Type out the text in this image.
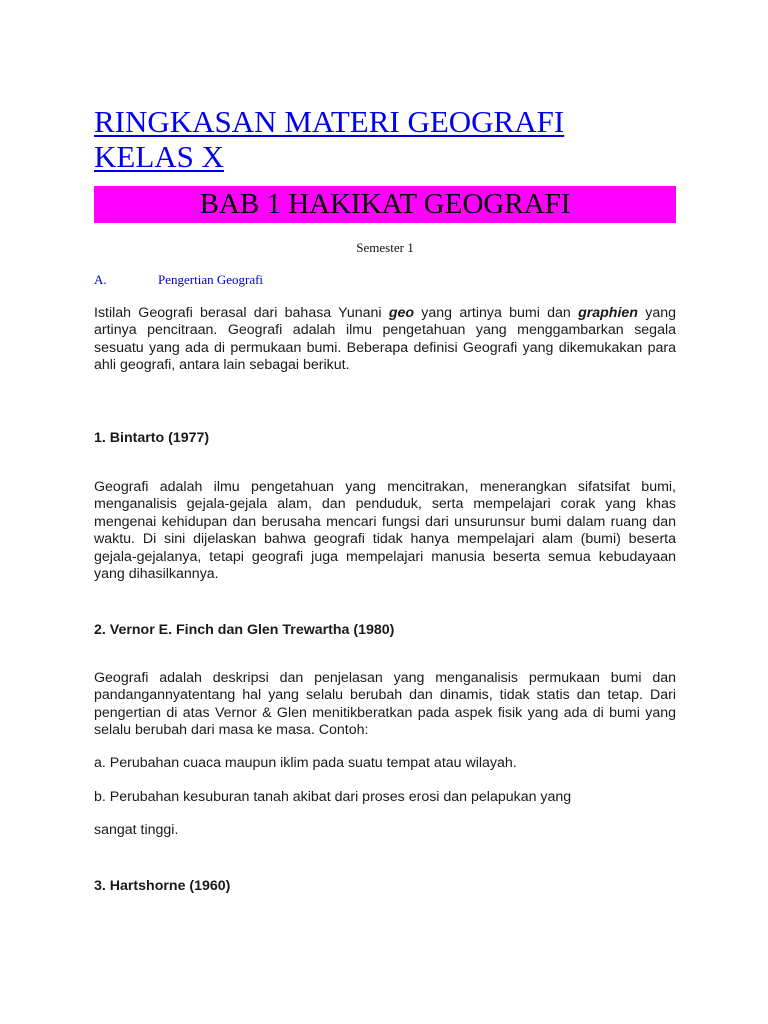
RINGKASAN MATERI GEOGRAFI
KELAS X
BAB 1 HAKIKAT GEOGRAFI
Semester 1
A.	Pengertian Geografi

Istilah Geografi berasal dari bahasa Yunani geo yang artinya bumi dan graphien yang artinya pencitraan. Geografi adalah ilmu pengetahuan yang menggambarkan segala sesuatu yang ada di permukaan bumi. Beberapa definisi Geografi yang dikemukakan para ahli geografi, antara lain sebagai berikut.

1. Bintarto (1977)

Geografi adalah ilmu pengetahuan yang mencitrakan, menerangkan sifatsifat bumi, menganalisis gejala-gejala alam, dan penduduk, serta mempelajari corak yang khas mengenai kehidupan dan berusaha mencari fungsi dari unsurunsur bumi dalam ruang dan waktu. Di sini dijelaskan bahwa geografi tidak hanya mempelajari alam (bumi) beserta gejala-gejalanya, tetapi geografi juga mempelajari manusia beserta semua kebudayaan yang dihasilkannya.

2. Vernor E. Finch dan Glen Trewartha (1980)

Geografi adalah deskripsi dan penjelasan yang menganalisis permukaan bumi dan pandangannyatentang hal yang selalu berubah dan dinamis, tidak statis dan tetap. Dari pengertian di atas Vernor & Glen menitikberatkan pada aspek fisik yang ada di bumi yang selalu berubah dari masa ke masa. Contoh:

a. Perubahan cuaca maupun iklim pada suatu tempat atau wilayah.

b. Perubahan kesuburan tanah akibat dari proses erosi dan pelapukan yang

sangat tinggi.

3. Hartshorne (1960)
